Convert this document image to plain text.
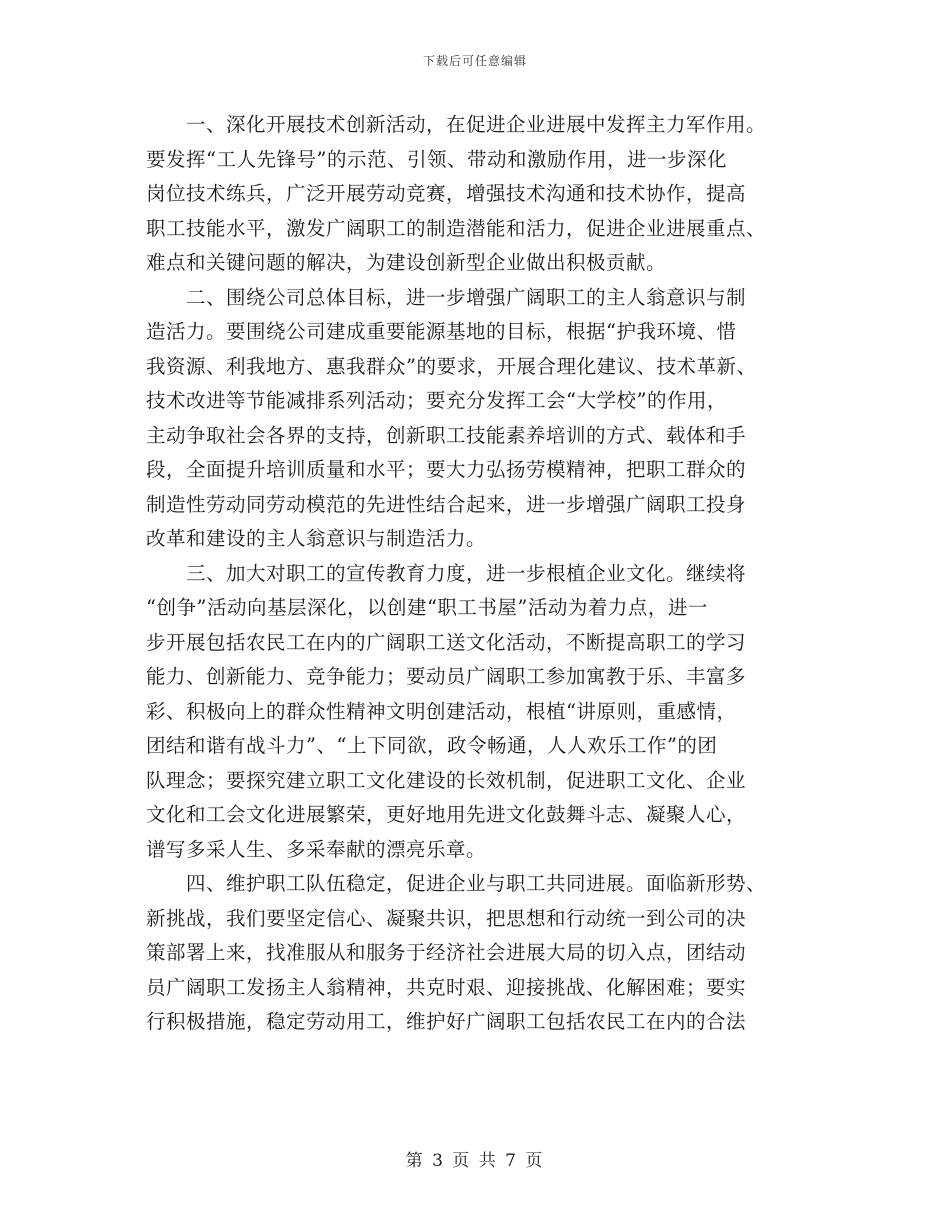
下载后可任意编辑
一、深化开展技术创新活动，在促进企业进展中发挥主力军作用。
要发挥“工人先锋号”的示范、引领、带动和激励作用，进一步深化
岗位技术练兵，广泛开展劳动竞赛，增强技术沟通和技术协作，提高
职工技能水平，激发广阔职工的制造潜能和活力，促进企业进展重点、
难点和关键问题的解决，为建设创新型企业做出积极贡献。
二、围绕公司总体目标，进一步增强广阔职工的主人翁意识与制
造活力。要围绕公司建成重要能源基地的目标，根据“护我环境、惜
我资源、利我地方、惠我群众”的要求，开展合理化建议、技术革新、
技术改进等节能减排系列活动；要充分发挥工会“大学校”的作用，
主动争取社会各界的支持，创新职工技能素养培训的方式、载体和手
段，全面提升培训质量和水平；要大力弘扬劳模精神，把职工群众的
制造性劳动同劳动模范的先进性结合起来，进一步增强广阔职工投身
改革和建设的主人翁意识与制造活力。
三、加大对职工的宣传教育力度，进一步根植企业文化。继续将
“创争”活动向基层深化，以创建“职工书屋”活动为着力点，进一
步开展包括农民工在内的广阔职工送文化活动，不断提高职工的学习
能力、创新能力、竞争能力；要动员广阔职工参加寓教于乐、丰富多
彩、积极向上的群众性精神文明创建活动，根植“讲原则，重感情，
团结和谐有战斗力”、“上下同欲，政令畅通，人人欢乐工作”的团
队理念；要探究建立职工文化建设的长效机制，促进职工文化、企业
文化和工会文化进展繁荣，更好地用先进文化鼓舞斗志、凝聚人心，
谱写多采人生、多采奉献的漂亮乐章。
四、维护职工队伍稳定，促进企业与职工共同进展。面临新形势、
新挑战，我们要坚定信心、凝聚共识，把思想和行动统一到公司的决
策部署上来，找准服从和服务于经济社会进展大局的切入点，团结动
员广阔职工发扬主人翁精神，共克时艰、迎接挑战、化解困难；要实
行积极措施，稳定劳动用工，维护好广阔职工包括农民工在内的合法
第 3 页 共 7 页
